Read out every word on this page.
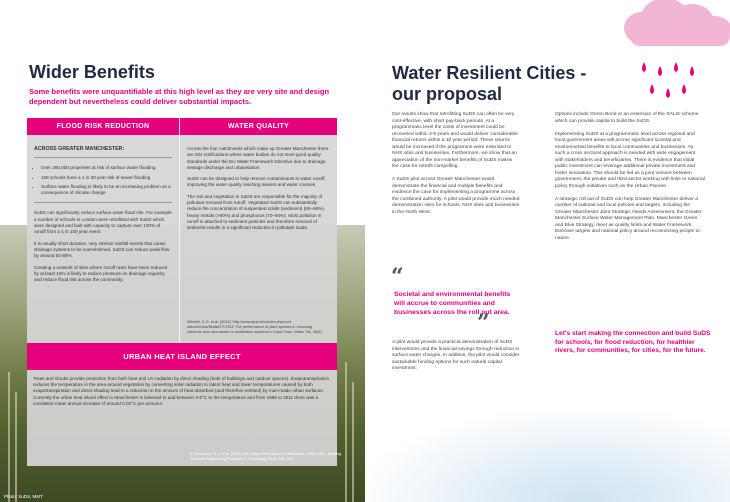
Photo: SuDS, MMT
Wider Benefits
Some benefits were unquantifiable at this high level as they are very site and design dependent but nevertheless could deliver substantial impacts.
FLOOD RISK REDUCTION	WATER QUALITY
ACROSS GREATER MANCHESTER:
• Over 260,000 properties at risk of surface water flooding
• 158 schools have a 1 in 30 year risk of sewer flooding
• Surface water flooding is likely to be an increasing problem as a consequence of climate change

SuDS can significantly reduce surface water flood risk. For example a number of schools in London were retrofitted with SuDS which were designed and built with capacity to capture over 100% of runoff from a 1 in 100 year event.

It is usually short duration, very intense rainfall events that cause drainage systems to be overwhelmed. SuDS can reduce peak flow by around 50-80%.

Creating a network of sites where runoff rates have been reduced by at least 10% is likely to reduce pressure on drainage capacity and reduce flood risk across the community.

Across the four catchments which make up Greater Manchester there are 204 notifications where water bodies do not meet good quality standards under the EU Water Framework Directive due to drainage, sewage discharge and urbanisation.

SuDS can be designed to help remove contaminants in water runoff, improving the water quality reaching sewers and water courses.

The soil and vegetation in SuDS are responsible for the majority of pollutant removal from runoff. Vegetated SuDS can substantially reduce the concentration of suspended solids (sediment) (60–96%), heavy metals (>90%) and phosphorus (70–94%). Most pollution in runoff is attached to sediment particles and therefore removal of sediment results in a significant reduction in pollutant loads.

Mitchell, S.G. et al. (2016) 'http://www.apsi.info/index.php/cust articles/view/fieldid/7/17263' The performance of plant species in removing nutrients from stormwater in biofiltration systems in Cape Town. Water SA, 36(5)
URBAN HEAT ISLAND EFFECT
Trees and shrubs provide protection from both heat and UV radiation by direct shading (both of buildings and outdoor spaces). Evapotranspiration reduces the temperature in the area around vegetation by converting solar radiation to latent heat and lower temperatures caused by both evapotranspiration and direct shading lead to a reduction in the amount of heat absorbed (and therefore emitted) by man-made urban surfaces. Currently the urban heat island effect in Manchester is believed to add between 3-6°C to the temperature and from 1996 to 2011 there was a consistent mean annual increase of around 0.02°C per annum4.
4 Levermore, G.J. et al. (2015) The Urban Heat Island in Manchester 1996–2011. Building Services Engineering Research & Technology 36(3) 343–356
Water Resilient Cities - our proposal

Our results show that retrofitting SuDS can often be very cost-effective, with short pay-back periods. At a programmatic level the costs of investment could be recovered within 3-5 years and would deliver considerable financial returns within a 10 year period. These returns would be increased if the programme were extended to NHS sites and businesses. Furthermore, we show that an appreciation of the non-market benefits of SuDS makes the case for retrofit compelling.

A SuDS pilot across Greater Manchester would demonstrate the financial and multiple benefits and evidence the case for implementing a programme across the combined authority. A pilot would provide much needed demonstration sites for schools, NHS sites and businesses in the North West.

“
Societal and environmental benefits will accrue to communities and businesses across the roll out area.
”

A pilot would provide a practical demonstration of SuDS interventions and the financial savings through reduction in surface water charges. In addition, the pilot would consider sustainable funding options for such natural capital investment.

Options include Green Bond or an extension of the SALIX scheme which can provide capital to build the SuDS.

Implementing SuDS at a programmatic level across regional and local government areas will accrue significant societal and environmental benefits to local communities and businesses. As such a cross sectoral approach is needed with wide engagement with stakeholders and beneficiaries. There is evidence that initial public investment can leverage additional private investment and foster innovation. This should be led as a joint venture between government, the private and third sector working with links to national policy through initiatives such as the Urban Pioneer.

A strategic roll out of SuDS can help Greater Manchester deliver a number of national and local policies and targets, including the Greater Manchester Joint Strategic Needs Assessment, the Greater Manchester Surface Water Management Plan, Manchester Green and Blue Strategy, meet air quality limits and Water Framework Directive targets and national policy around reconnecting people to nature.

Let's start making the connection and build SuDS for schools, for flood reduction, for healthier rivers, for communities, for cities, for the future.
